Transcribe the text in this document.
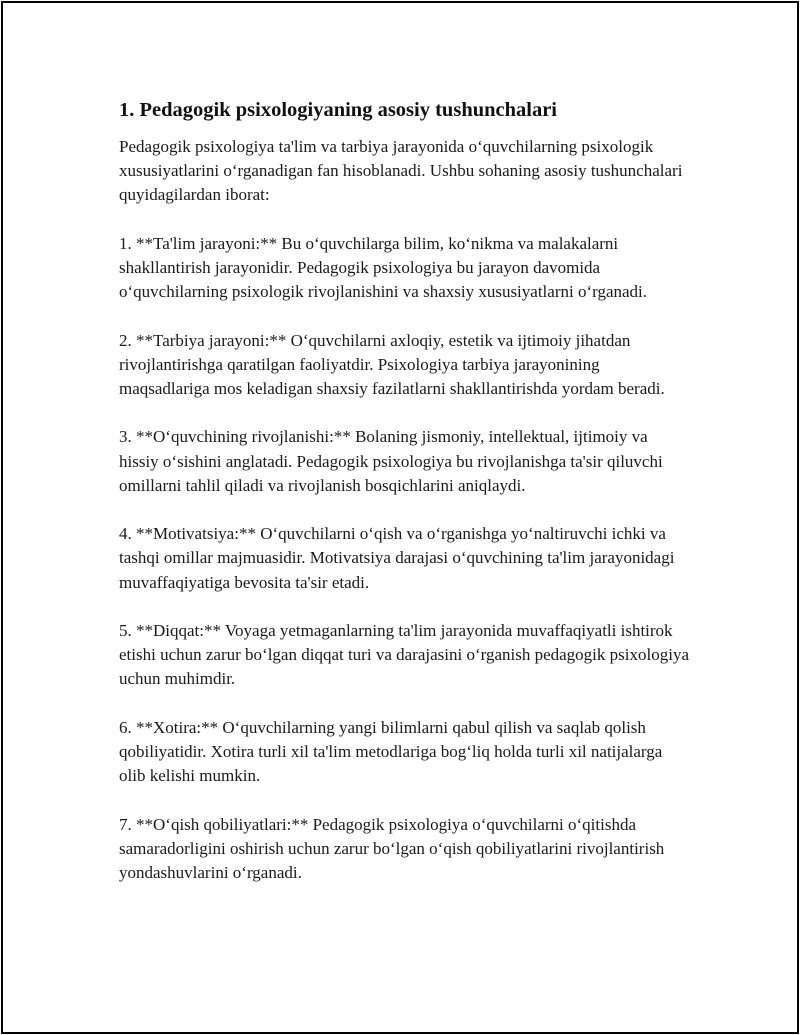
1. Pedagogik psixologiyaning asosiy tushunchalari

Pedagogik psixologiya ta'lim va tarbiya jarayonida o‘quvchilarning psixologik xususiyatlarini o‘rganadigan fan hisoblanadi. Ushbu sohaning asosiy tushunchalari quyidagilardan iborat:

1. **Ta'lim jarayoni:** Bu o‘quvchilarga bilim, ko‘nikma va malakalarni shakllantirish jarayonidir. Pedagogik psixologiya bu jarayon davomida o‘quvchilarning psixologik rivojlanishini va shaxsiy xususiyatlarni o‘rganadi.

2. **Tarbiya jarayoni:** O‘quvchilarni axloqiy, estetik va ijtimoiy jihatdan rivojlantirishga qaratilgan faoliyatdir. Psixologiya tarbiya jarayonining maqsadlariga mos keladigan shaxsiy fazilatlarni shakllantirishda yordam beradi.

3. **O‘quvchining rivojlanishi:** Bolaning jismoniy, intellektual, ijtimoiy va hissiy o‘sishini anglatadi. Pedagogik psixologiya bu rivojlanishga ta'sir qiluvchi omillarni tahlil qiladi va rivojlanish bosqichlarini aniqlaydi.

4. **Motivatsiya:** O‘quvchilarni o‘qish va o‘rganishga yo‘naltiruvchi ichki va tashqi omillar majmuasidir. Motivatsiya darajasi o‘quvchining ta'lim jarayonidagi muvaffaqiyatiga bevosita ta'sir etadi.

5. **Diqqat:** Voyaga yetmaganlarning ta'lim jarayonida muvaffaqiyatli ishtirok etishi uchun zarur bo‘lgan diqqat turi va darajasini o‘rganish pedagogik psixologiya uchun muhimdir.

6. **Xotira:** O‘quvchilarning yangi bilimlarni qabul qilish va saqlab qolish qobiliyatidir. Xotira turli xil ta'lim metodlariga bog‘liq holda turli xil natijalarga olib kelishi mumkin.

7. **O‘qish qobiliyatlari:** Pedagogik psixologiya o‘quvchilarni o‘qitishda samaradorligini oshirish uchun zarur bo‘lgan o‘qish qobiliyatlarini rivojlantirish yondashuvlarini o‘rganadi.
